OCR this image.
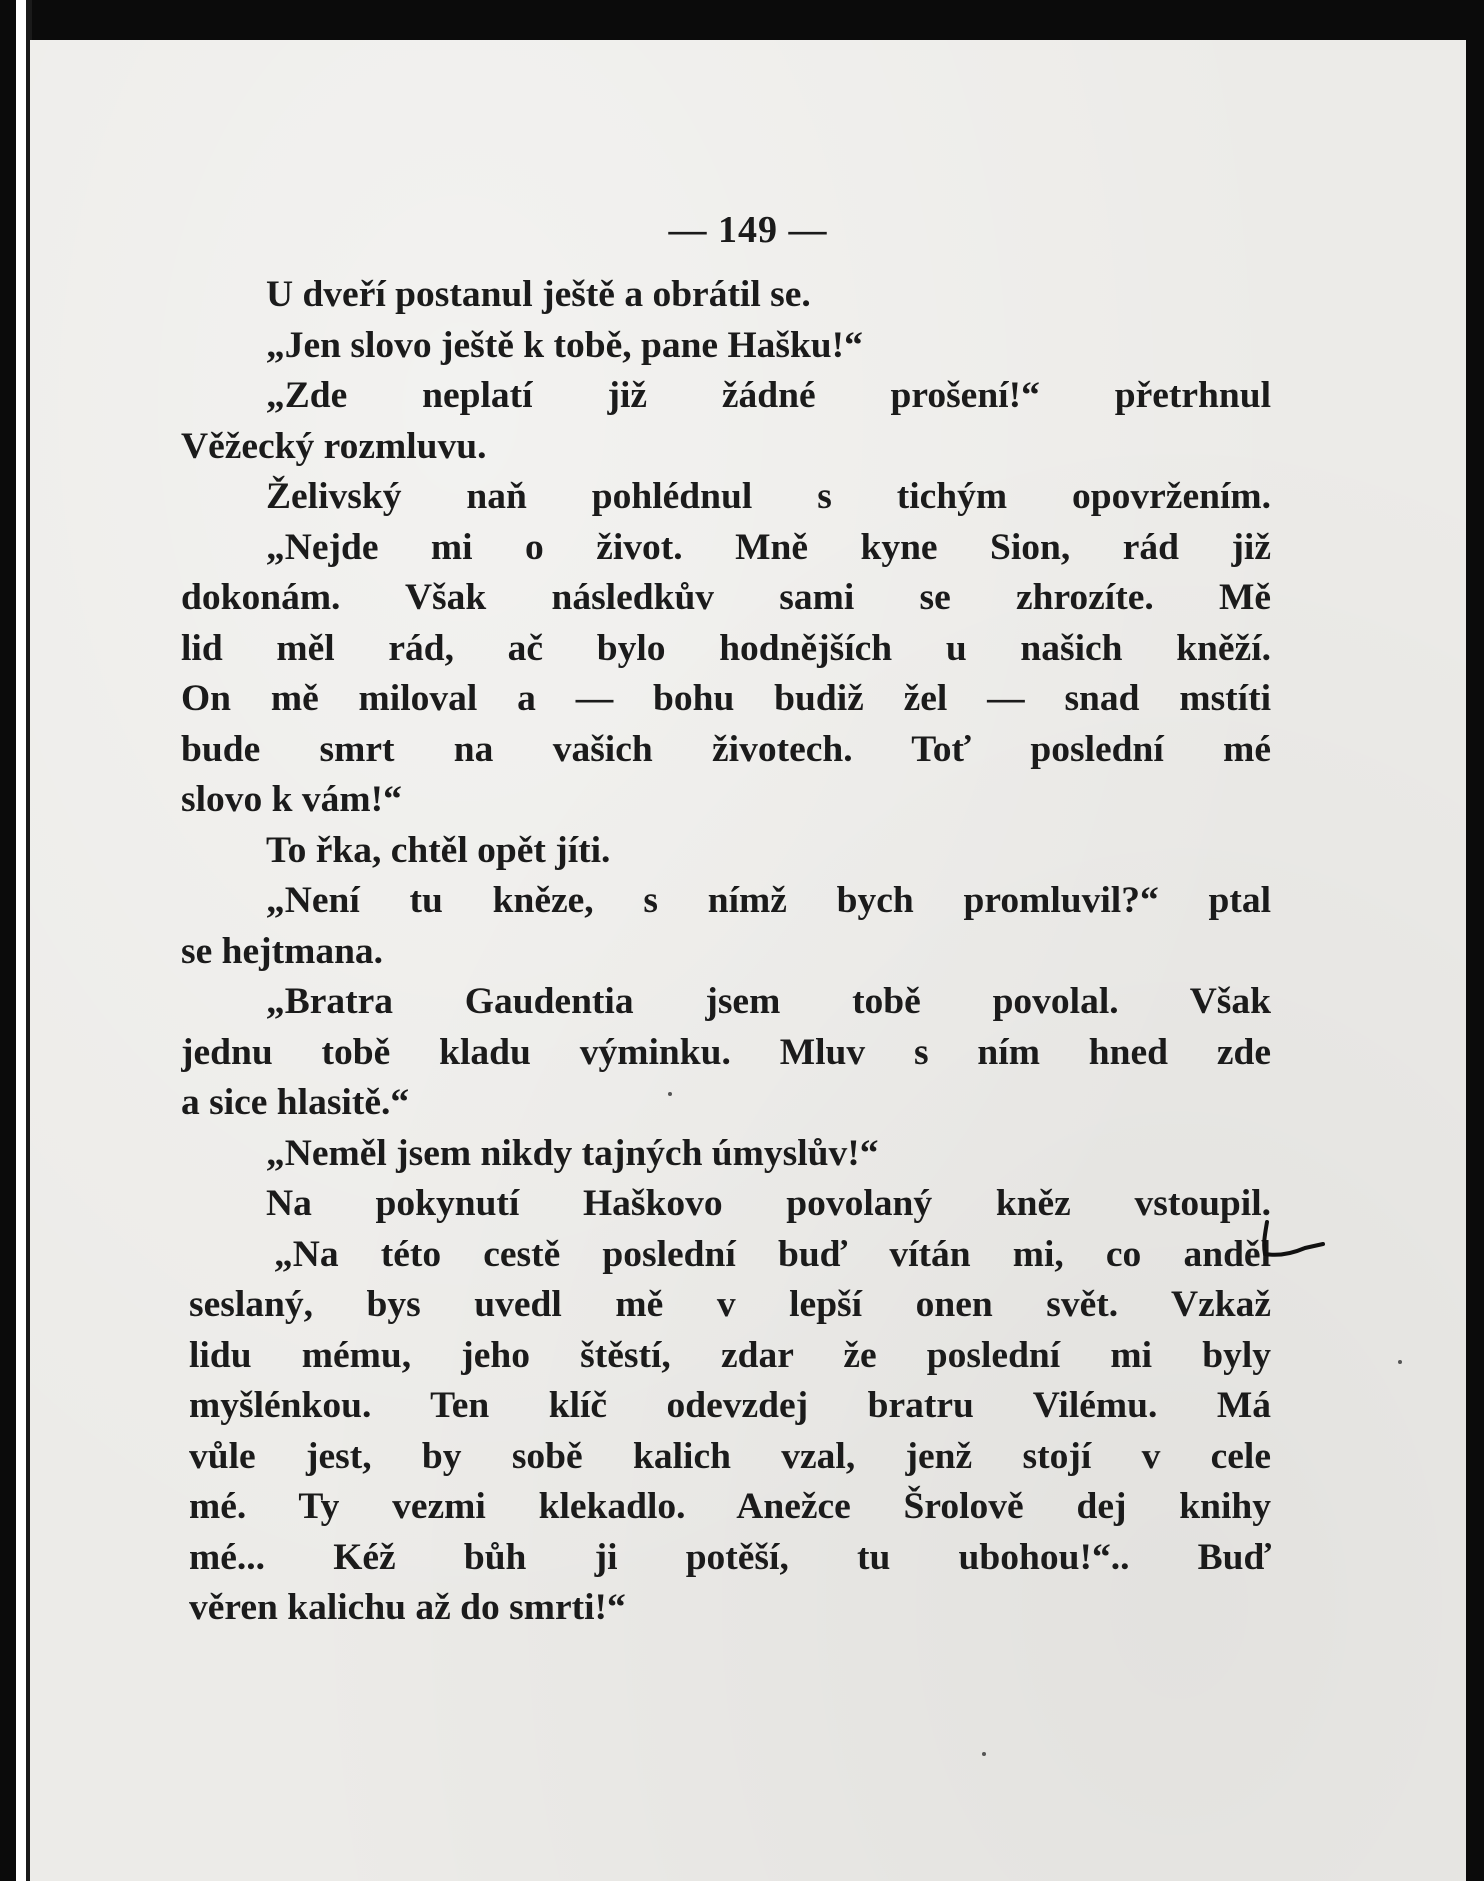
— 149 —
U dveří postanul ještě a obrátil se.
„Jen slovo ještě k tobě, pane Hašku!“
„Zde neplatí již žádné prošení!“ přetrhnul
Věžecký rozmluvu.
Želivský naň pohlédnul s tichým opovržením.
„Nejde mi o život. Mně kyne Sion, rád již
dokonám. Však následkův sami se zhrozíte. Mě
lid měl rád, ač bylo hodnějších u našich kněží.
On mě miloval a — bohu budiž žel — snad mstíti
bude smrt na vašich životech. Toť poslední mé
slovo k vám!“
To řka, chtěl opět jíti.
„Není tu kněze, s nímž bych promluvil?“ ptal
se hejtmana.
„Bratra Gaudentia jsem tobě povolal. Však
jednu tobě kladu výminku. Mluv s ním hned zde
a sice hlasitě.“
„Neměl jsem nikdy tajných úmyslův!“
Na pokynutí Haškovo povolaný kněz vstoupil.
„Na této cestě poslední buď vítán mi, co anděl
seslaný, bys uvedl mě v lepší onen svět. Vzkaž
lidu mému, jeho štěstí, zdar že poslední mi byly
myšlénkou. Ten klíč odevzdej bratru Vilému. Má
vůle jest, by sobě kalich vzal, jenž stojí v cele
mé. Ty vezmi klekadlo. Anežce Šrolově dej knihy
mé... Kéž bůh ji potěší, tu ubohou!“.. Buď
věren kalichu až do smrti!“
